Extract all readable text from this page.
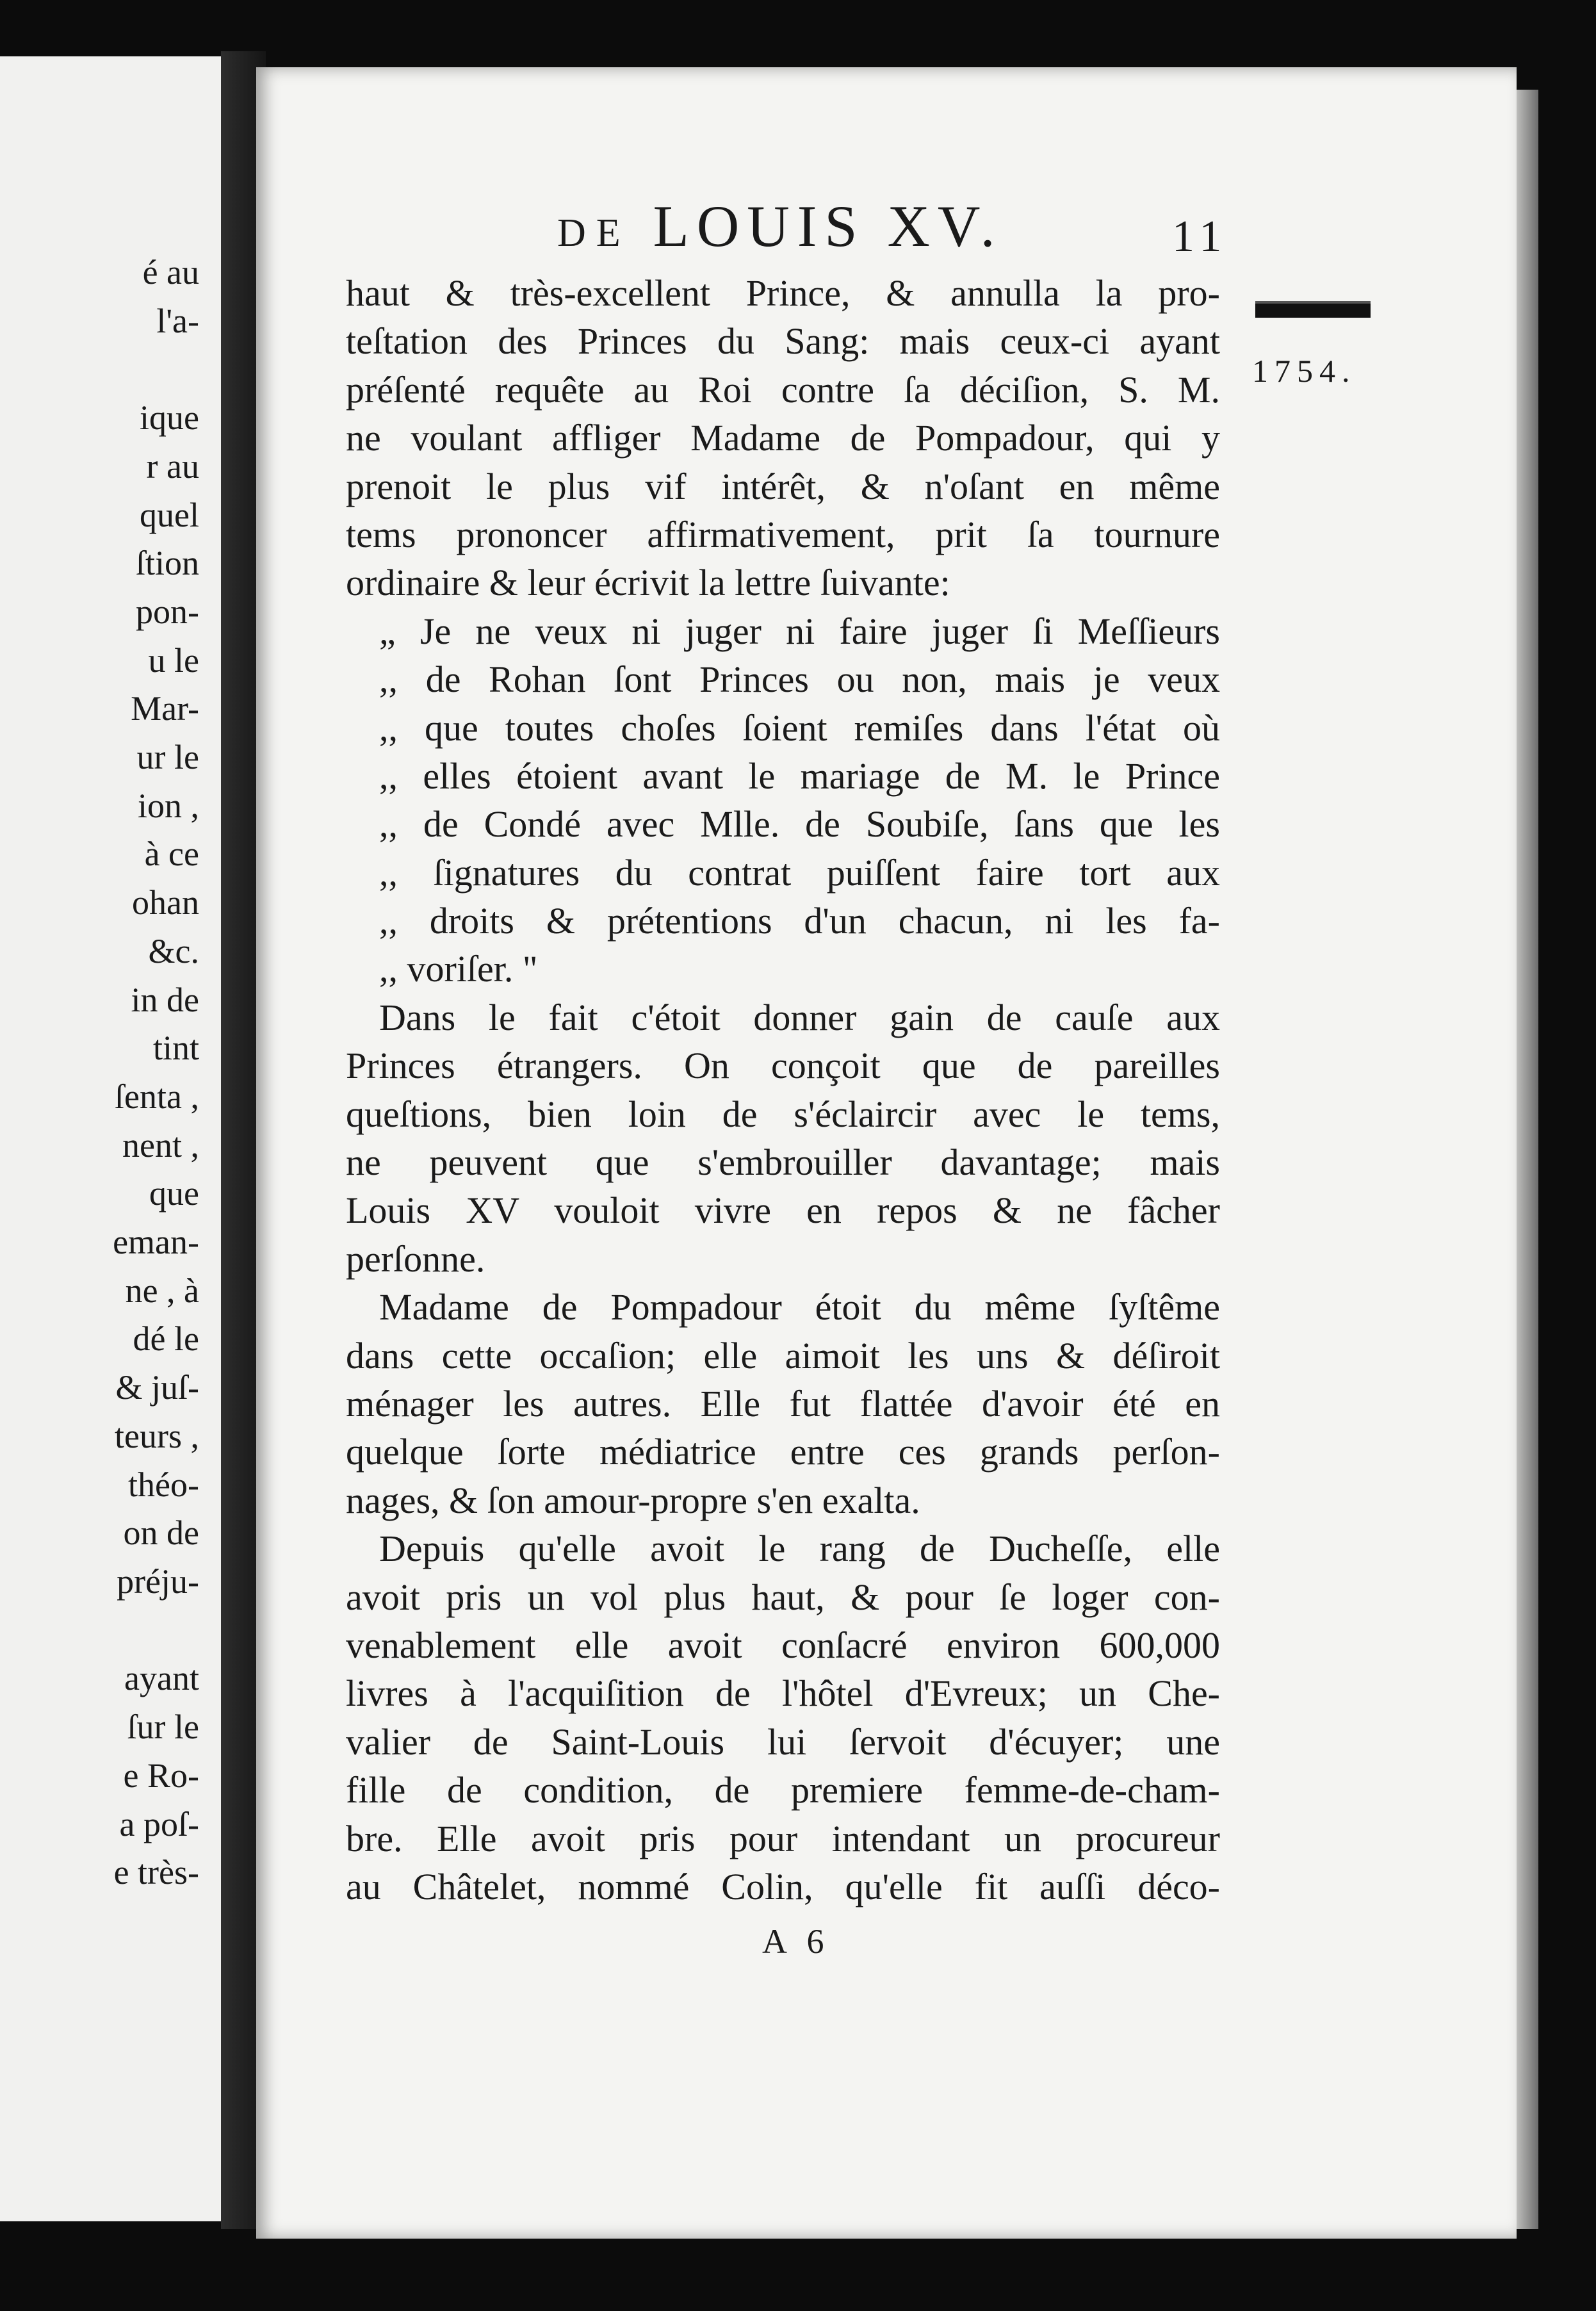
é au
l'a-

ique
r au
quel
ſtion
pon-
u le
Mar-
ur le
ion ,
à ce
ohan
&c.
in de
tint
ſenta ,
nent ,
que
eman-
ne , à
dé le
& juſ-
teurs ,
théo-
on de
préju-

ayant
ſur le
e Ro-
a poſ-
e très-
DE LOUIS XV.	11
1754.
haut & très-excellent Prince, & annulla la pro-
teſtation des Princes du Sang: mais ceux-ci ayant
préſenté requête au Roi contre ſa déciſion, S. M.
ne voulant affliger Madame de Pompadour, qui y
prenoit le plus vif intérêt, & n'oſant en même
tems prononcer affirmativement, prit ſa tournure
ordinaire & leur écrivit la lettre ſuivante:
„ Je ne veux ni juger ni faire juger ſi Meſſieurs
,, de Rohan ſont Princes ou non, mais je veux
,, que toutes choſes ſoient remiſes dans l'état où
,, elles étoient avant le mariage de M. le Prince
,, de Condé avec Mlle. de Soubiſe, ſans que les
,, ſignatures du contrat puiſſent faire tort aux
,, droits & prétentions d'un chacun, ni les fa-
,, voriſer. "
Dans le fait c'étoit donner gain de cauſe aux
Princes étrangers. On conçoit que de pareilles
queſtions, bien loin de s'éclaircir avec le tems,
ne peuvent que s'embrouiller davantage; mais
Louis XV vouloit vivre en repos & ne fâcher
perſonne.
Madame de Pompadour étoit du même ſyſtême
dans cette occaſion; elle aimoit les uns & déſiroit
ménager les autres. Elle fut flattée d'avoir été en
quelque ſorte médiatrice entre ces grands perſon-
nages, & ſon amour-propre s'en exalta.
Depuis qu'elle avoit le rang de Ducheſſe, elle
avoit pris un vol plus haut, & pour ſe loger con-
venablement elle avoit conſacré environ 600,000
livres à l'acquiſition de l'hôtel d'Evreux; un Che-
valier de Saint-Louis lui ſervoit d'écuyer; une
fille de condition, de premiere femme-de-cham-
bre. Elle avoit pris pour intendant un procureur
au Châtelet, nommé Colin, qu'elle fit auſſi déco-
A 6
